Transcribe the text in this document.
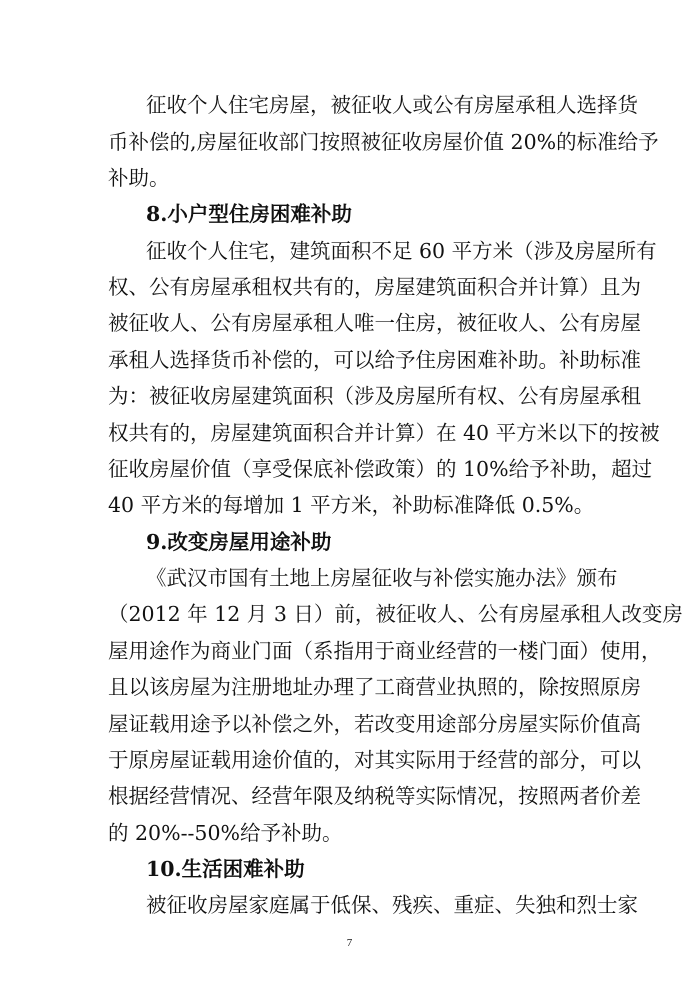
征收个人住宅房屋，被征收人或公有房屋承租人选择货
币补偿的,房屋征收部门按照被征收房屋价值 20%的标准给予
补助。
8.小户型住房困难补助
征收个人住宅，建筑面积不足 60 平方米（涉及房屋所有
权、公有房屋承租权共有的，房屋建筑面积合并计算）且为
被征收人、公有房屋承租人唯一住房，被征收人、公有房屋
承租人选择货币补偿的，可以给予住房困难补助。补助标准
为：被征收房屋建筑面积（涉及房屋所有权、公有房屋承租
权共有的，房屋建筑面积合并计算）在 40 平方米以下的按被
征收房屋价值（享受保底补偿政策）的 10%给予补助，超过
40 平方米的每增加 1 平方米，补助标准降低 0.5%。
9.改变房屋用途补助
《武汉市国有土地上房屋征收与补偿实施办法》颁布
（2012 年 12 月 3 日）前，被征收人、公有房屋承租人改变房
屋用途作为商业门面（系指用于商业经营的一楼门面）使用，
且以该房屋为注册地址办理了工商营业执照的，除按照原房
屋证载用途予以补偿之外，若改变用途部分房屋实际价值高
于原房屋证载用途价值的，对其实际用于经营的部分，可以
根据经营情况、经营年限及纳税等实际情况，按照两者价差
的 20%--50%给予补助。
10.生活困难补助
被征收房屋家庭属于低保、残疾、重症、失独和烈士家
7
